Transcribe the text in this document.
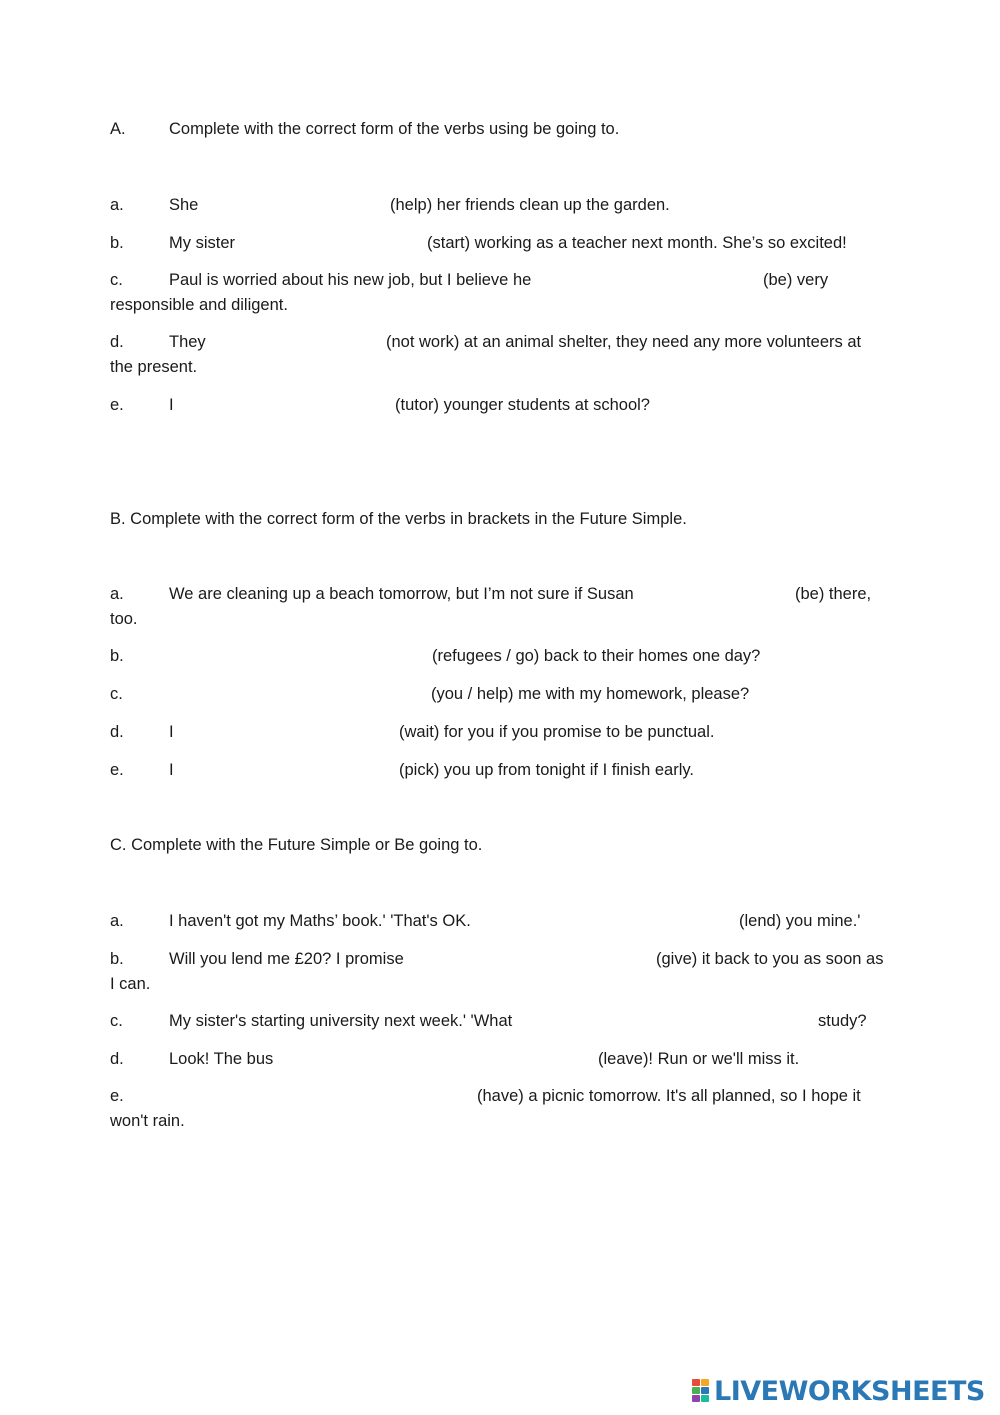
A.	Complete with the correct form of the verbs using be going to.
a.	She	(help) her friends clean up the garden.
b.	My sister	(start) working as a teacher next month. She’s so excited!
c.	Paul is worried about his new job, but I believe he	(be) very
responsible and diligent.
d.	They	(not work) at an animal shelter, they need any more volunteers at
the present.
e.	I	(tutor) younger students at school?
B. Complete with the correct form of the verbs in brackets in the Future Simple.
a.	We are cleaning up a beach tomorrow, but I’m not sure if Susan	(be) there,
too.
b.	(refugees / go) back to their homes one day?
c.	(you / help) me with my homework, please?
d.	I	(wait) for you if you promise to be punctual.
e.	I	(pick) you up from tonight if I finish early.
C. Complete with the Future Simple or Be going to.
a.	I haven't got my Maths’ book.' 'That's OK.	(lend) you mine.'
b.	Will you lend me £20? I promise	(give) it back to you as soon as
I can.
c.	My sister's starting university next week.' 'What	study?
d.	Look! The bus	(leave)! Run or we'll miss it.
e.	(have) a picnic tomorrow. It's all planned, so I hope it
won't rain.
LIVEWORKSHEETS
